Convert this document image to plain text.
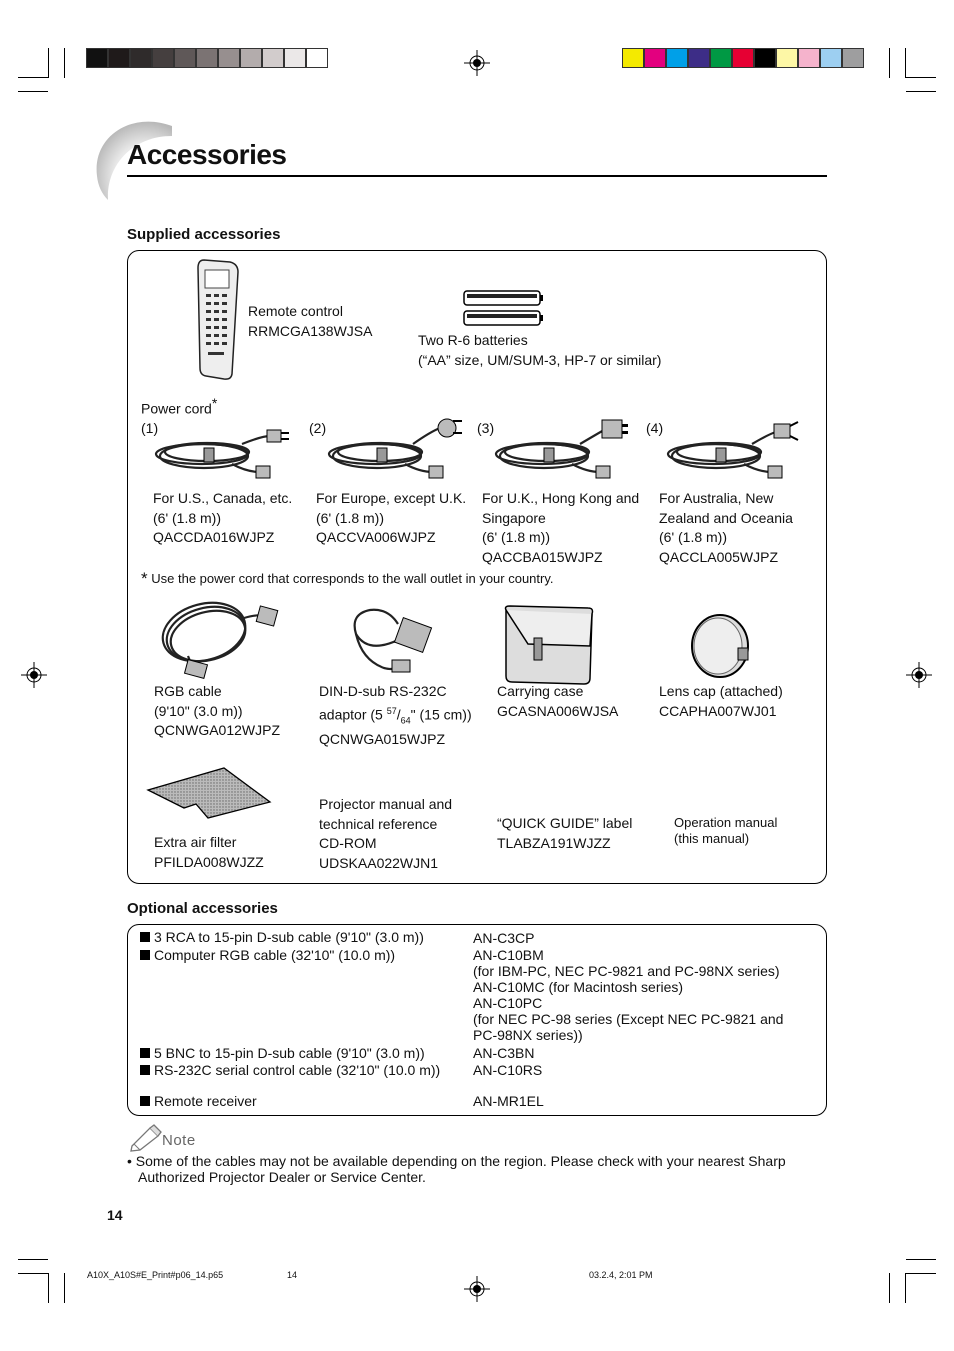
Accessories
Supplied accessories
Remote control
RRMCGA138WJSA
Two R-6 batteries
(“AA” size, UM/SUM-3, HP-7 or similar)
Power cord*
(1)	(2)	(3)	(4)
For U.S., Canada, etc.
(6' (1.8 m))
QACCDA016WJPZ
For Europe, except U.K.
(6' (1.8 m))
QACCVA006WJPZ
For U.K., Hong Kong and
Singapore
(6' (1.8 m))
QACCBA015WJPZ
For Australia, New
Zealand and Oceania
(6' (1.8 m))
QACCLA005WJPZ
* Use the power cord that corresponds to the wall outlet in your country.
RGB cable
(9'10" (3.0 m))
QCNWGA012WJPZ
DIN-D-sub RS-232C
adaptor (5 $^{57}/_{64}$" (15 cm))
QCNWGA015WJPZ
Carrying case
GCASNA006WJSA
Lens cap (attached)
CCAPHA007WJ01
Extra air filter
PFILDA008WJZZ
Projector manual and
technical reference
CD-ROM
UDSKAA022WJN1
“QUICK GUIDE” label
TLABZA191WJZZ
Operation manual
(this manual)
Optional accessories
3 RCA to 15-pin D-sub cable (9'10" (3.0 m))	AN-C3CP
Computer RGB cable (32'10" (10.0 m))	AN-C10BM
(for IBM-PC, NEC PC-9821 and PC-98NX series)
AN-C10MC (for Macintosh series)
AN-C10PC
(for NEC PC-98 series (Except NEC PC-9821 and
PC-98NX series))
5 BNC to 15-pin D-sub cable (9'10" (3.0 m))	AN-C3BN
RS-232C serial control cable (32'10" (10.0 m)) AN-C10RS
Remote receiver	AN-MR1EL
Note
• Some of the cables may not be available depending on the region. Please check with your nearest Sharp
Authorized Projector Dealer or Service Center.
14
A10X_A10S#E_Print#p06_14.p65	14	03.2.4, 2:01 PM
